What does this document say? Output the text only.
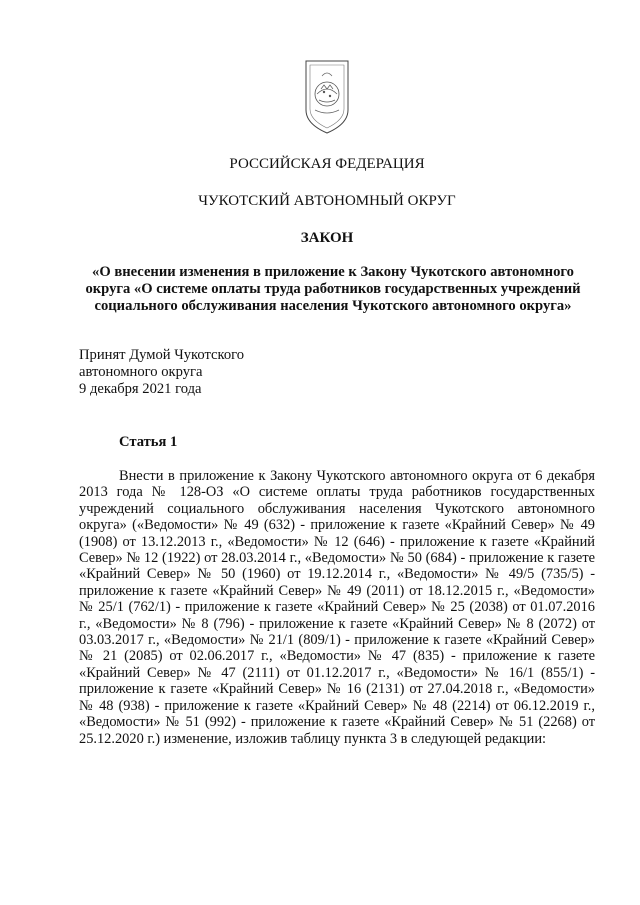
РОССИЙСКАЯ ФЕДЕРАЦИЯ
ЧУКОТСКИЙ АВТОНОМНЫЙ ОКРУГ
ЗАКОН
«О внесении изменения в приложение к Закону Чукотского автономного округа «О системе оплаты труда работников государственных учреждений социального обслуживания населения Чукотского автономного округа»
Принят Думой Чукотского
автономного округа
9 декабря 2021 года
Статья 1

Внести в приложение к Закону Чукотского автономного округа от 6 декабря 2013 года № 128-ОЗ «О системе оплаты труда работников государственных учреждений социального обслуживания населения Чукотского автономного округа» («Ведомости» № 49 (632) - приложение к газете «Крайний Север» № 49 (1908) от 13.12.2013 г., «Ведомости» № 12 (646) - приложение к газете «Крайний Север» № 12 (1922) от 28.03.2014 г., «Ведомости» № 50 (684) - приложение к газете «Крайний Север» № 50 (1960) от 19.12.2014 г., «Ведомости» № 49/5 (735/5) - приложение к газете «Крайний Север» № 49 (2011) от 18.12.2015 г., «Ведомости» № 25/1 (762/1) - приложение к газете «Крайний Север» № 25 (2038) от 01.07.2016 г., «Ведомости» № 8 (796) - приложение к газете «Крайний Север» № 8 (2072) от 03.03.2017 г., «Ведомости» № 21/1 (809/1) - приложение к газете «Крайний Север» № 21 (2085) от 02.06.2017 г., «Ведомости» № 47 (835) - приложение к газете «Крайний Север» № 47 (2111) от 01.12.2017 г., «Ведомости» № 16/1 (855/1) - приложение к газете «Крайний Север» № 16 (2131) от 27.04.2018 г., «Ведомости» № 48 (938) - приложение к газете «Крайний Север» № 48 (2214) от 06.12.2019 г., «Ведомости» № 51 (992) - приложение к газете «Крайний Север» № 51 (2268) от 25.12.2020 г.) изменение, изложив таблицу пункта 3 в следующей редакции:
